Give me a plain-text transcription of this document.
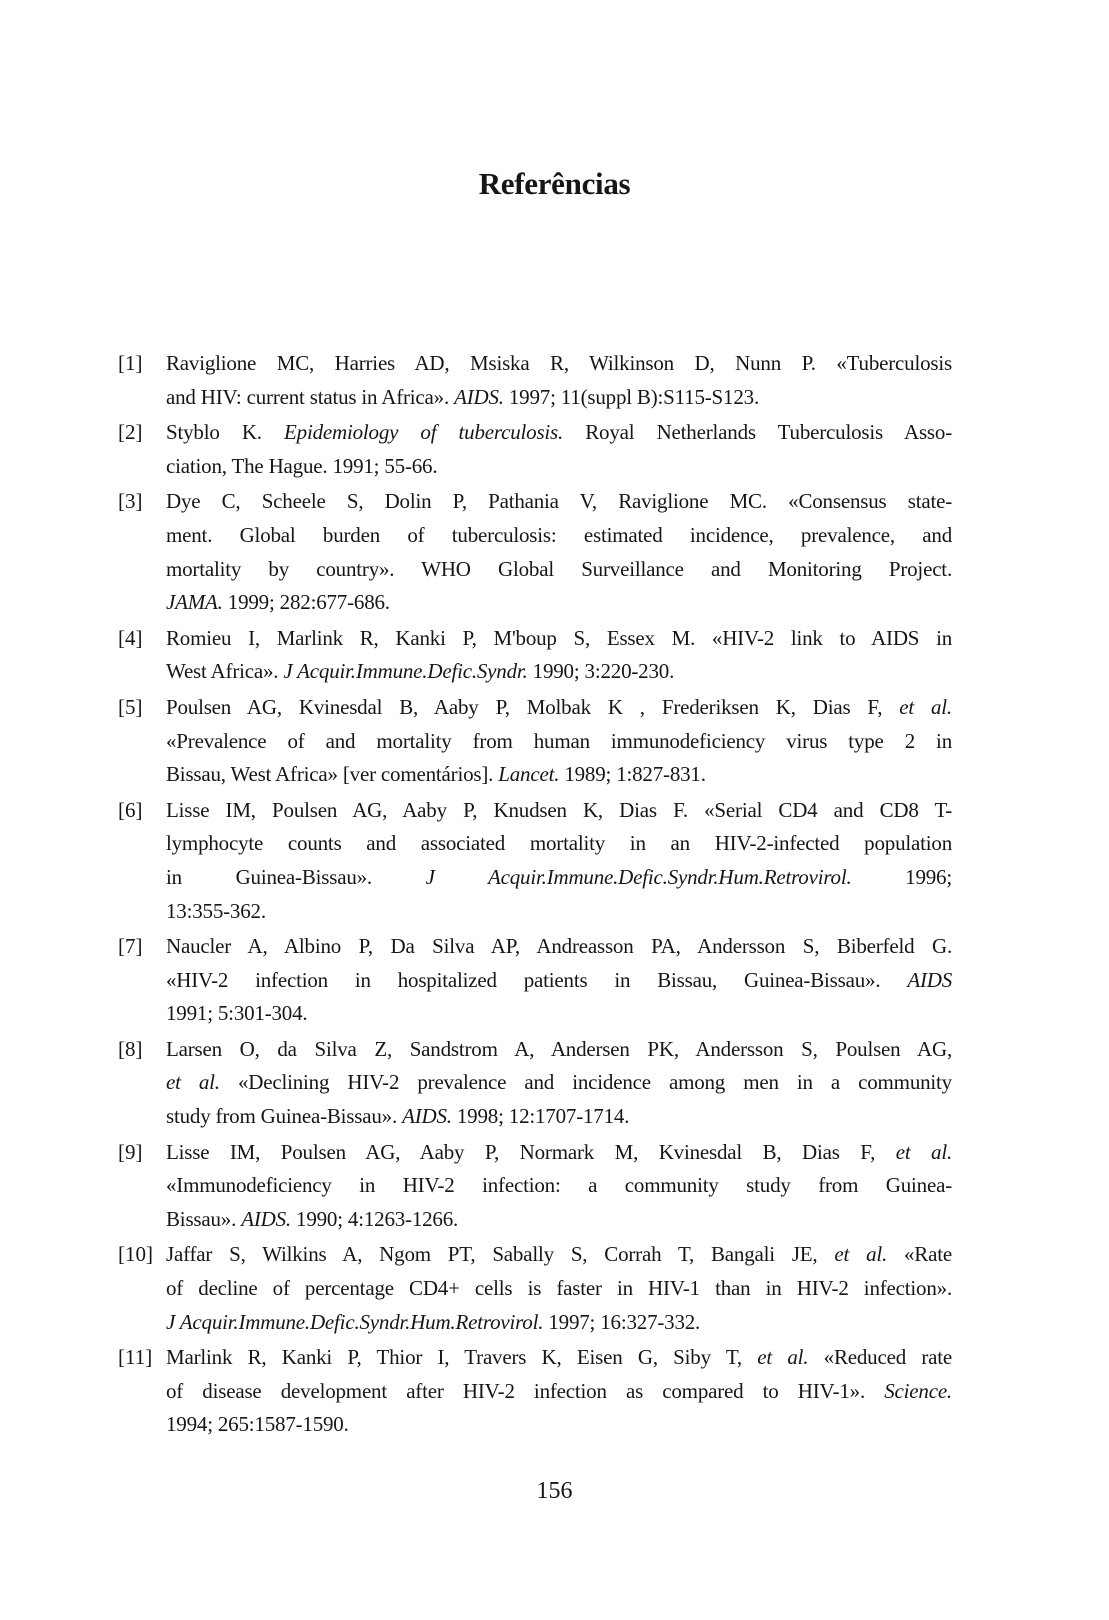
Referências
[1] Raviglione MC, Harries AD, Msiska R, Wilkinson D, Nunn P. «Tuberculosis
and HIV: current status in Africa». AIDS. 1997; 11(suppl B):S115-S123.
[2] Styblo K. Epidemiology of tuberculosis. Royal Netherlands Tuberculosis Asso-
ciation, The Hague. 1991; 55-66.
[3] Dye C, Scheele S, Dolin P, Pathania V, Raviglione MC. «Consensus state-
ment. Global burden of tuberculosis: estimated incidence, prevalence, and
mortality by country». WHO Global Surveillance and Monitoring Project.
JAMA. 1999; 282:677-686.
[4] Romieu I, Marlink R, Kanki P, M'boup S, Essex M. «HIV-2 link to AIDS in
West Africa». J Acquir.Immune.Defic.Syndr. 1990; 3:220-230.
[5] Poulsen AG, Kvinesdal B, Aaby P, Molbak K , Frederiksen K, Dias F, et al.
«Prevalence of and mortality from human immunodeficiency virus type 2 in
Bissau, West Africa» [ver comentários]. Lancet. 1989; 1:827-831.
[6] Lisse IM, Poulsen AG, Aaby P, Knudsen K, Dias F. «Serial CD4 and CD8 T-
lymphocyte counts and associated mortality in an HIV-2-infected population
in Guinea-Bissau». J Acquir.Immune.Defic.Syndr.Hum.Retrovirol. 1996;
13:355-362.
[7] Naucler A, Albino P, Da Silva AP, Andreasson PA, Andersson S, Biberfeld G.
«HIV-2 infection in hospitalized patients in Bissau, Guinea-Bissau». AIDS
1991; 5:301-304.
[8] Larsen O, da Silva Z, Sandstrom A, Andersen PK, Andersson S, Poulsen AG,
et al. «Declining HIV-2 prevalence and incidence among men in a community
study from Guinea-Bissau». AIDS. 1998; 12:1707-1714.
[9] Lisse IM, Poulsen AG, Aaby P, Normark M, Kvinesdal B, Dias F, et al.
«Immunodeficiency in HIV-2 infection: a community study from Guinea-
Bissau». AIDS. 1990; 4:1263-1266.
[10] Jaffar S, Wilkins A, Ngom PT, Sabally S, Corrah T, Bangali JE, et al. «Rate
of decline of percentage CD4+ cells is faster in HIV-1 than in HIV-2 infection».
J Acquir.Immune.Defic.Syndr.Hum.Retrovirol. 1997; 16:327-332.
[11] Marlink R, Kanki P, Thior I, Travers K, Eisen G, Siby T, et al. «Reduced rate
of disease development after HIV-2 infection as compared to HIV-1». Science.
1994; 265:1587-1590.
156
